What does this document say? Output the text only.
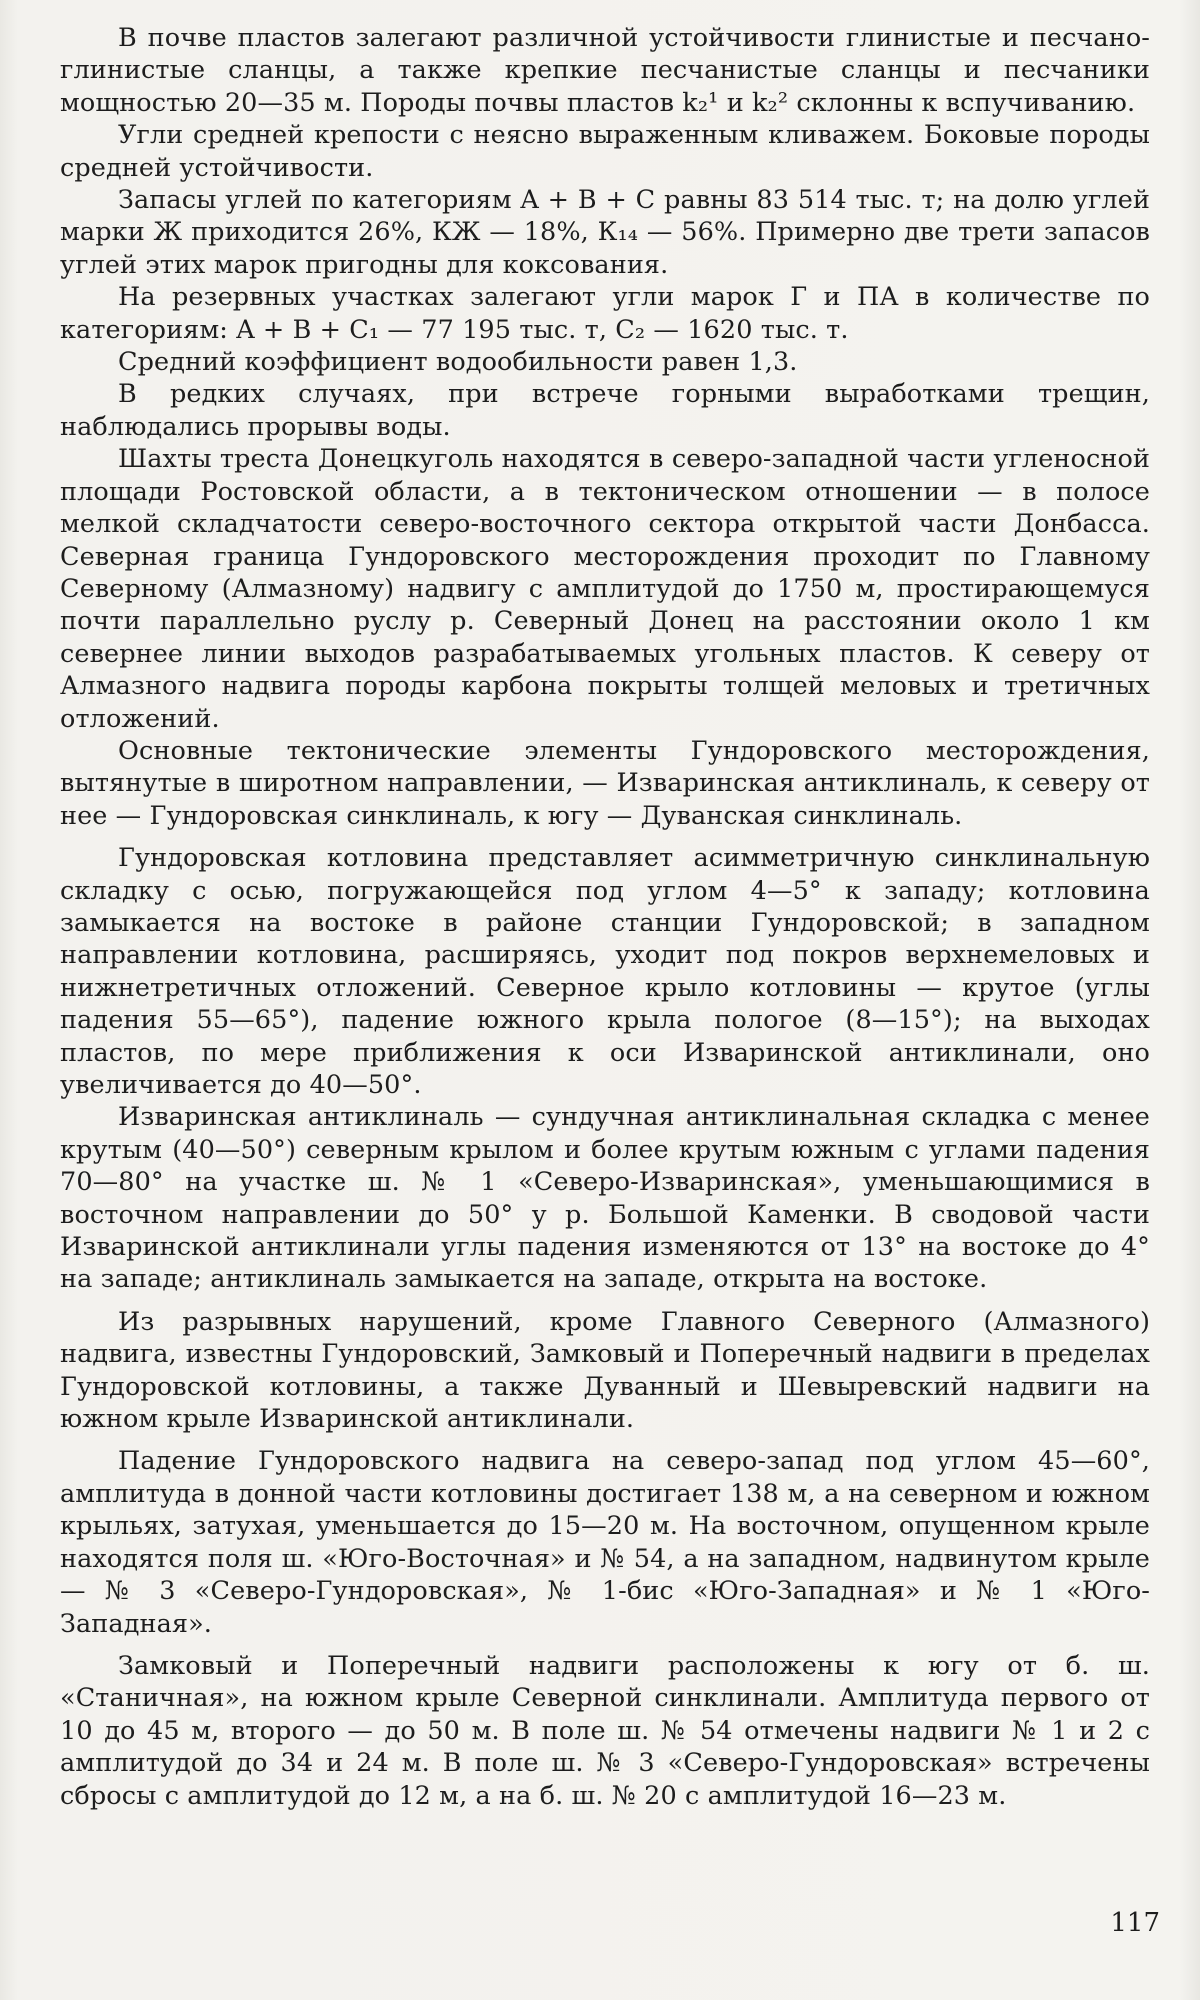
В почве пластов залегают различной устойчивости глинистые и песчано-глинистые сланцы, а также крепкие песчанистые сланцы и песчаники мощностью 20—35 м. Породы почвы пластов k₂¹ и k₂² склонны к вспучиванию.

Угли средней крепости с неясно выраженным кливажем. Боковые породы средней устойчивости.

Запасы углей по категориям A + B + C равны 83 514 тыс. т; на долю углей марки Ж приходится 26%, КЖ — 18%, К₁₄ — 56%. Примерно две трети запасов углей этих марок пригодны для коксования.

На резервных участках залегают угли марок Г и ПА в количестве по категориям: A + B + C₁ — 77 195 тыс. т, C₂ — 1620 тыс. т.

Средний коэффициент водообильности равен 1,3.

В редких случаях, при встрече горными выработками трещин, наблюдались прорывы воды.

Шахты треста Донецкуголь находятся в северо-западной части угленосной площади Ростовской области, а в тектоническом отношении — в полосе мелкой складчатости северо-восточного сектора открытой части Донбасса. Северная граница Гундоровского месторождения проходит по Главному Северному (Алмазному) надвигу с амплитудой до 1750 м, простирающемуся почти параллельно руслу р. Северный Донец на расстоянии около 1 км севернее линии выходов разрабатываемых угольных пластов. К северу от Алмазного надвига породы карбона покрыты толщей меловых и третичных отложений.

Основные тектонические элементы Гундоровского месторождения, вытянутые в широтном направлении, — Изваринская антиклиналь, к северу от нее — Гундоровская синклиналь, к югу — Дуванская синклиналь.

Гундоровская котловина представляет асимметричную синклинальную складку с осью, погружающейся под углом 4—5° к западу; котловина замыкается на востоке в районе станции Гундоровской; в западном направлении котловина, расширяясь, уходит под покров верхнемеловых и нижнетретичных отложений. Северное крыло котловины — крутое (углы падения 55—65°), падение южного крыла пологое (8—15°); на выходах пластов, по мере приближения к оси Изваринской антиклинали, оно увеличивается до 40—50°.

Изваринская антиклиналь — сундучная антиклинальная складка с менее крутым (40—50°) северным крылом и более крутым южным с углами падения 70—80° на участке ш. № 1 «Северо-Изваринская», уменьшающимися в восточном направлении до 50° у р. Большой Каменки. В сводовой части Изваринской антиклинали углы падения изменяются от 13° на востоке до 4° на западе; антиклиналь замыкается на западе, открыта на востоке.

Из разрывных нарушений, кроме Главного Северного (Алмазного) надвига, известны Гундоровский, Замковый и Поперечный надвиги в пределах Гундоровской котловины, а также Дуванный и Шевыревский надвиги на южном крыле Изваринской антиклинали.

Падение Гундоровского надвига на северо-запад под углом 45—60°, амплитуда в донной части котловины достигает 138 м, а на северном и южном крыльях, затухая, уменьшается до 15—20 м. На восточном, опущенном крыле находятся поля ш. «Юго-Восточная» и № 54, а на западном, надвинутом крыле — № 3 «Северо-Гундоровская», № 1-бис «Юго-Западная» и № 1 «Юго-Западная».

Замковый и Поперечный надвиги расположены к югу от б. ш. «Станичная», на южном крыле Северной синклинали. Амплитуда первого от 10 до 45 м, второго — до 50 м. В поле ш. № 54 отмечены надвиги № 1 и 2 с амплитудой до 34 и 24 м. В поле ш. № 3 «Северо-Гундоровская» встречены сбросы с амплитудой до 12 м, а на б. ш. № 20 с амплитудой 16—23 м.

117
